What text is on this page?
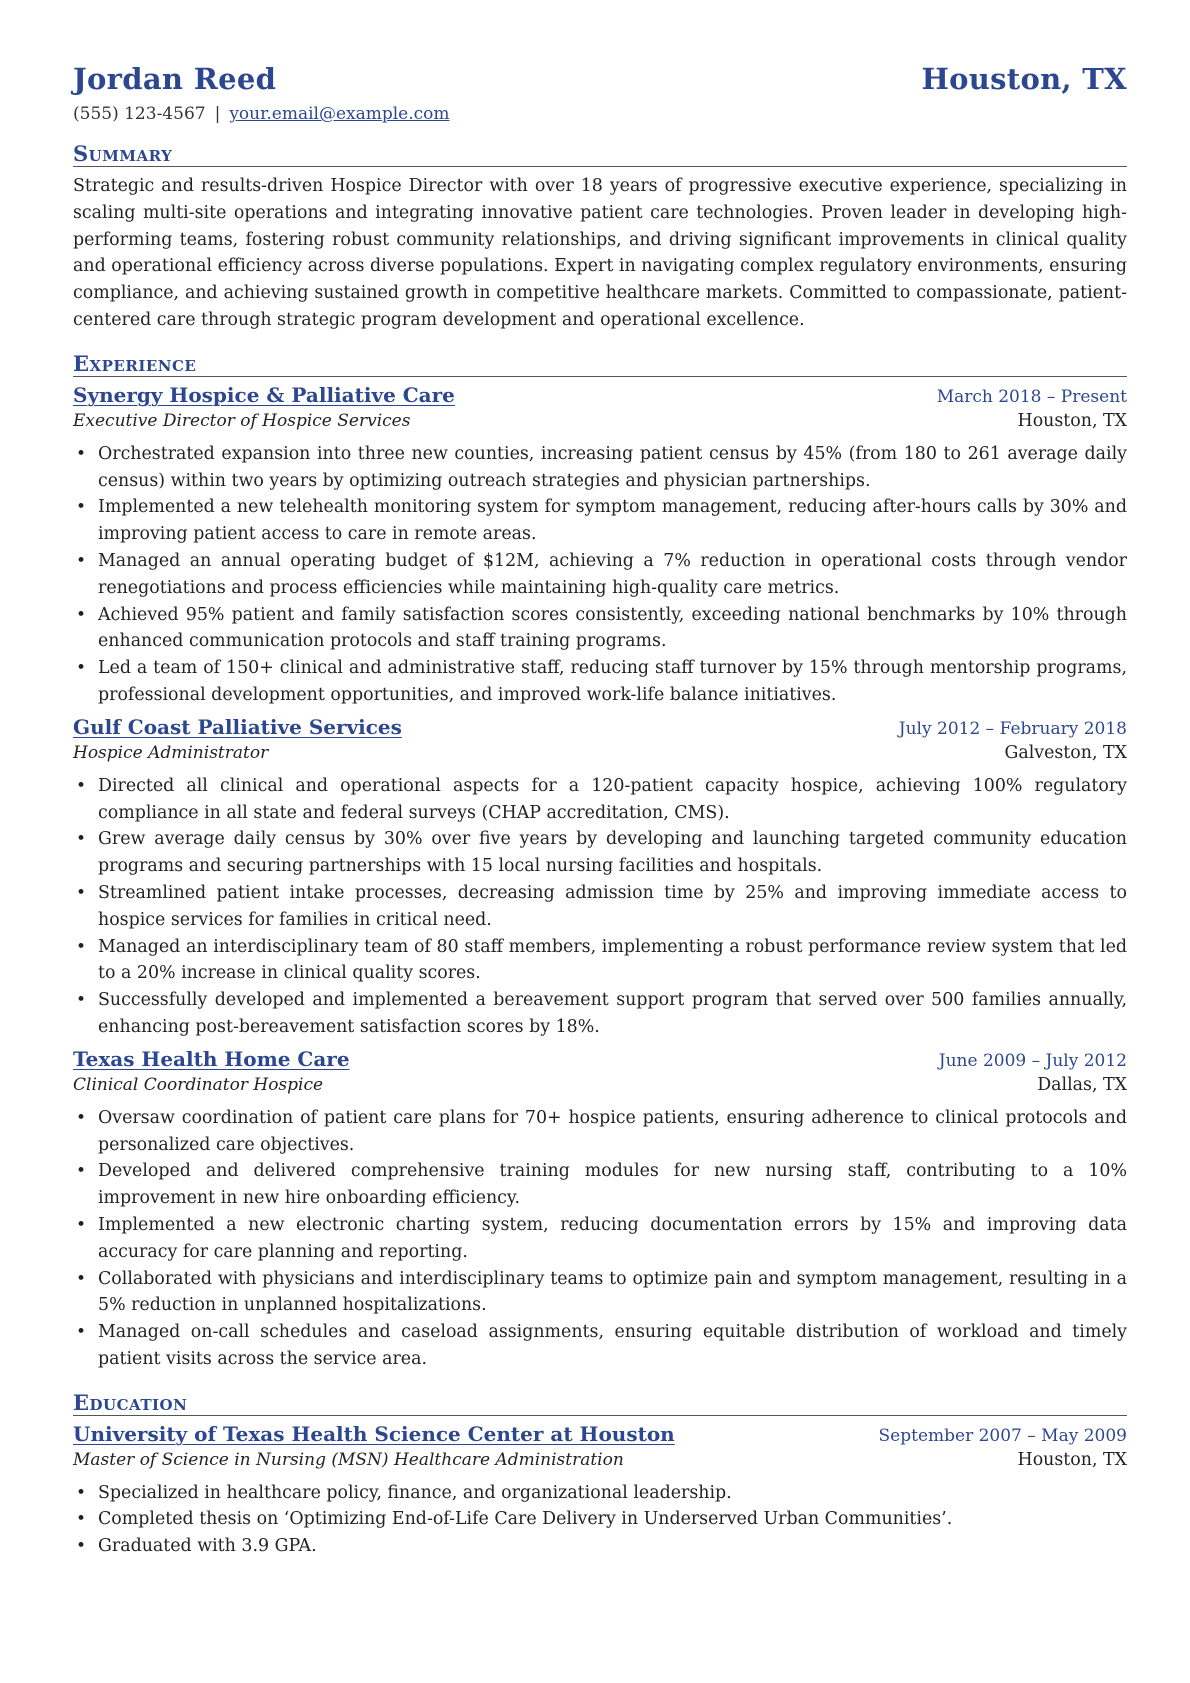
Jordan Reed	Houston, TX
(555) 123-4567 | your.email@example.com
Summary
Strategic and results-driven Hospice Director with over 18 years of progressive executive experience, specializing in scaling multi-site operations and integrating innovative patient care technologies. Proven leader in developing high-performing teams, fostering robust community relationships, and driving significant improvements in clinical quality and operational efficiency across diverse populations. Expert in navigating complex regulatory environments, ensuring compliance, and achieving sustained growth in competitive healthcare markets. Committed to compassionate, patient-centered care through strategic program development and operational excellence.
Experience
Synergy Hospice & Palliative Care	March 2018 – Present
Executive Director of Hospice Services	Houston, TX
• Orchestrated expansion into three new counties, increasing patient census by 45% (from 180 to 261 average daily census) within two years by optimizing outreach strategies and physician partnerships.
• Implemented a new telehealth monitoring system for symptom management, reducing after-hours calls by 30% and improving patient access to care in remote areas.
• Managed an annual operating budget of $12M, achieving a 7% reduction in operational costs through vendor renegotiations and process efficiencies while maintaining high-quality care metrics.
• Achieved 95% patient and family satisfaction scores consistently, exceeding national benchmarks by 10% through enhanced communication protocols and staff training programs.
• Led a team of 150+ clinical and administrative staff, reducing staff turnover by 15% through mentorship programs, professional development opportunities, and improved work-life balance initiatives.
Gulf Coast Palliative Services	July 2012 – February 2018
Hospice Administrator	Galveston, TX
• Directed all clinical and operational aspects for a 120-patient capacity hospice, achieving 100% regulatory compliance in all state and federal surveys (CHAP accreditation, CMS).
• Grew average daily census by 30% over five years by developing and launching targeted community education programs and securing partnerships with 15 local nursing facilities and hospitals.
• Streamlined patient intake processes, decreasing admission time by 25% and improving immediate access to hospice services for families in critical need.
• Managed an interdisciplinary team of 80 staff members, implementing a robust performance review system that led to a 20% increase in clinical quality scores.
• Successfully developed and implemented a bereavement support program that served over 500 families annually, enhancing post-bereavement satisfaction scores by 18%.
Texas Health Home Care	June 2009 – July 2012
Clinical Coordinator Hospice	Dallas, TX
• Oversaw coordination of patient care plans for 70+ hospice patients, ensuring adherence to clinical protocols and personalized care objectives.
• Developed and delivered comprehensive training modules for new nursing staff, contributing to a 10% improvement in new hire onboarding efficiency.
• Implemented a new electronic charting system, reducing documentation errors by 15% and improving data accuracy for care planning and reporting.
• Collaborated with physicians and interdisciplinary teams to optimize pain and symptom management, resulting in a 5% reduction in unplanned hospitalizations.
• Managed on-call schedules and caseload assignments, ensuring equitable distribution of workload and timely patient visits across the service area.
Education
University of Texas Health Science Center at Houston	September 2007 – May 2009
Master of Science in Nursing (MSN) Healthcare Administration	Houston, TX
• Specialized in healthcare policy, finance, and organizational leadership.
• Completed thesis on ‘Optimizing End-of-Life Care Delivery in Underserved Urban Communities’.
• Graduated with 3.9 GPA.
